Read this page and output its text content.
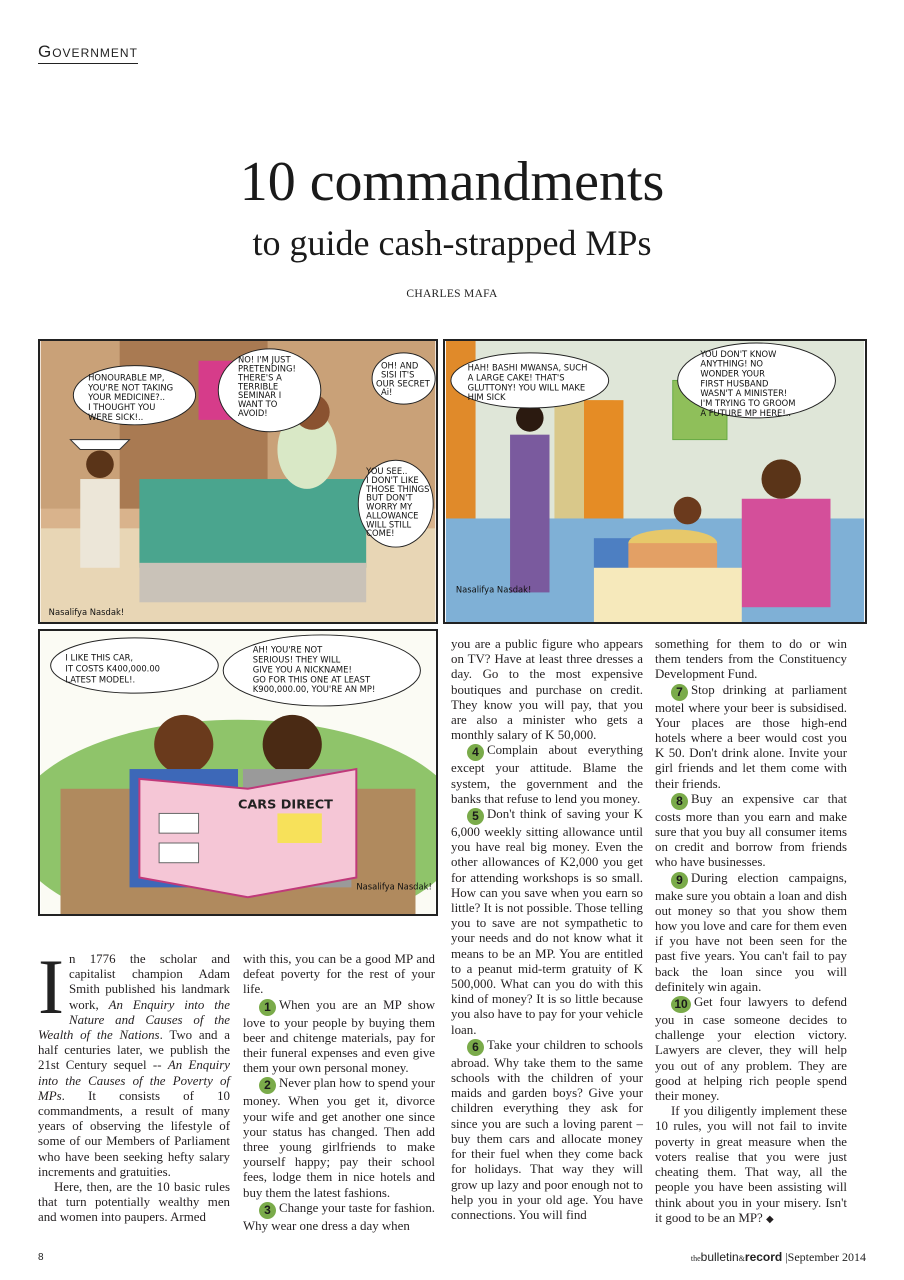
Government
10 commandments
to guide cash-strapped MPs
CHARLES MAFA
HONOURABLE MP, YOU'RE NOT TAKING YOUR MEDICINE?.. I THOUGHT YOU WERE SICK!..
NO! I'M JUST PRETENDING! THERE'S A TERRIBLE SEMINAR I WANT TO AVOID!
OH! AND SISI IT'S OUR SECRET Ai!
YOU SEE.. I DON'T LIKE THOSE THINGS BUT DON'T WORRY MY ALLOWANCE WILL STILL COME!
Nasalifya Nasdak!
HAH! BASHI MWANSA, SUCH A LARGE CAKE! THAT'S GLUTTONY! YOU WILL MAKE HIM SICK
YOU DON'T KNOW ANYTHING! NO WONDER YOUR FIRST HUSBAND WASN'T A MINISTER! I'M TRYING TO GROOM A FUTURE MP HERE!..
Nasalifya Nasdak!
I LIKE THIS CAR, IT COSTS K400,000.00 LATEST MODEL!.
AH! YOU'RE NOT SERIOUS! THEY WILL GIVE YOU A NICKNAME! GO FOR THIS ONE AT LEAST K900,000.00, YOU'RE AN MP!
CARS DIRECT
Nasalifya Nasdak!

In 1776 the scholar and capitalist champion Adam Smith published his landmark work, An Enquiry into the Nature and Causes of the Wealth of the Nations. Two and a half centuries later, we publish the 21st Century sequel -- An Enquiry into the Causes of the Poverty of MPs. It consists of 10 commandments, a result of many years of observing the lifestyle of some of our Members of Parliament who have been seeking hefty salary increments and gratuities.

Here, then, are the 10 basic rules that turn potentially wealthy men and women into paupers. Armed

with this, you can be a good MP and defeat poverty for the rest of your life.

1 When you are an MP show love to your people by buying them beer and chitenge materials, pay for their funeral expenses and even give them your own personal money.

2 Never plan how to spend your money. When you get it, divorce your wife and get another one since your status has changed. Then add three young girlfriends to make yourself happy; pay their school fees, lodge them in nice hotels and buy them the latest fashions.

3 Change your taste for fashion. Why wear one dress a day when

you are a public figure who appears on TV? Have at least three dresses a day. Go to the most expensive boutiques and purchase on credit. They know you will pay, that you are also a minister who gets a monthly salary of K 50,000.

4 Complain about everything except your attitude. Blame the system, the government and the banks that refuse to lend you money.

5 Don't think of saving your K 6,000 weekly sitting allowance until you have real big money. Even the other allowances of K2,000 you get for attending workshops is so small. How can you save when you earn so little? It is not possible. Those telling you to save are not sympathetic to your needs and do not know what it means to be an MP. You are entitled to a peanut mid-term gratuity of K 500,000. What can you do with this kind of money? It is so little because you also have to pay for your vehicle loan.

6 Take your children to schools abroad. Why take them to the same schools with the children of your maids and garden boys? Give your children everything they ask for since you are such a loving parent – buy them cars and allocate money for their fuel when they come back for holidays. That way they will grow up lazy and poor enough not to help you in your old age. You have connections. You will find

something for them to do or win them tenders from the Constituency Development Fund.

7 Stop drinking at parliament motel where your beer is subsidised. Your places are those high-end hotels where a beer would cost you K 50. Don't drink alone. Invite your girl friends and let them come with their friends.

8 Buy an expensive car that costs more than you earn and make sure that you buy all consumer items on credit and borrow from friends who have businesses.

9 During election campaigns, make sure you obtain a loan and dish out money so that you show them how you love and care for them even if you have not been seen for the past five years. You can't fail to pay back the loan since you will definitely win again.

10 Get four lawyers to defend you in case someone decides to challenge your election victory. Lawyers are clever, they will help you out of any problem. They are good at helping rich people spend their money.

If you diligently implement these 10 rules, you will not fail to invite poverty in great measure when the voters realise that you were just cheating them. That way, all the people you have been assisting will think about you in your misery. Isn't it good to be an MP? ◆

8	thebulletin&record |September 2014
